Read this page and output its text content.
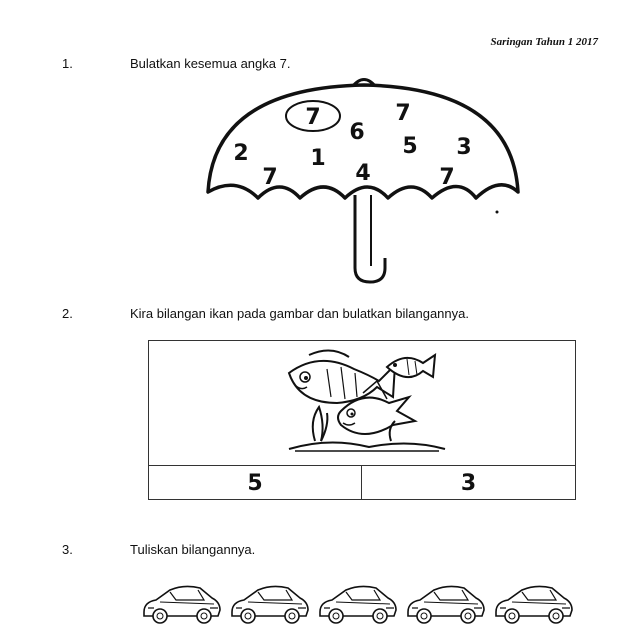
Saringan Tahun 1 2017
1.	Bulatkan kesemua angka 7.
7	7
6
5 3
2	1
7	4	7
2.	Kira bilangan ikan pada gambar dan bulatkan bilangannya.
5	3
3.	Tuliskan bilangannya.
